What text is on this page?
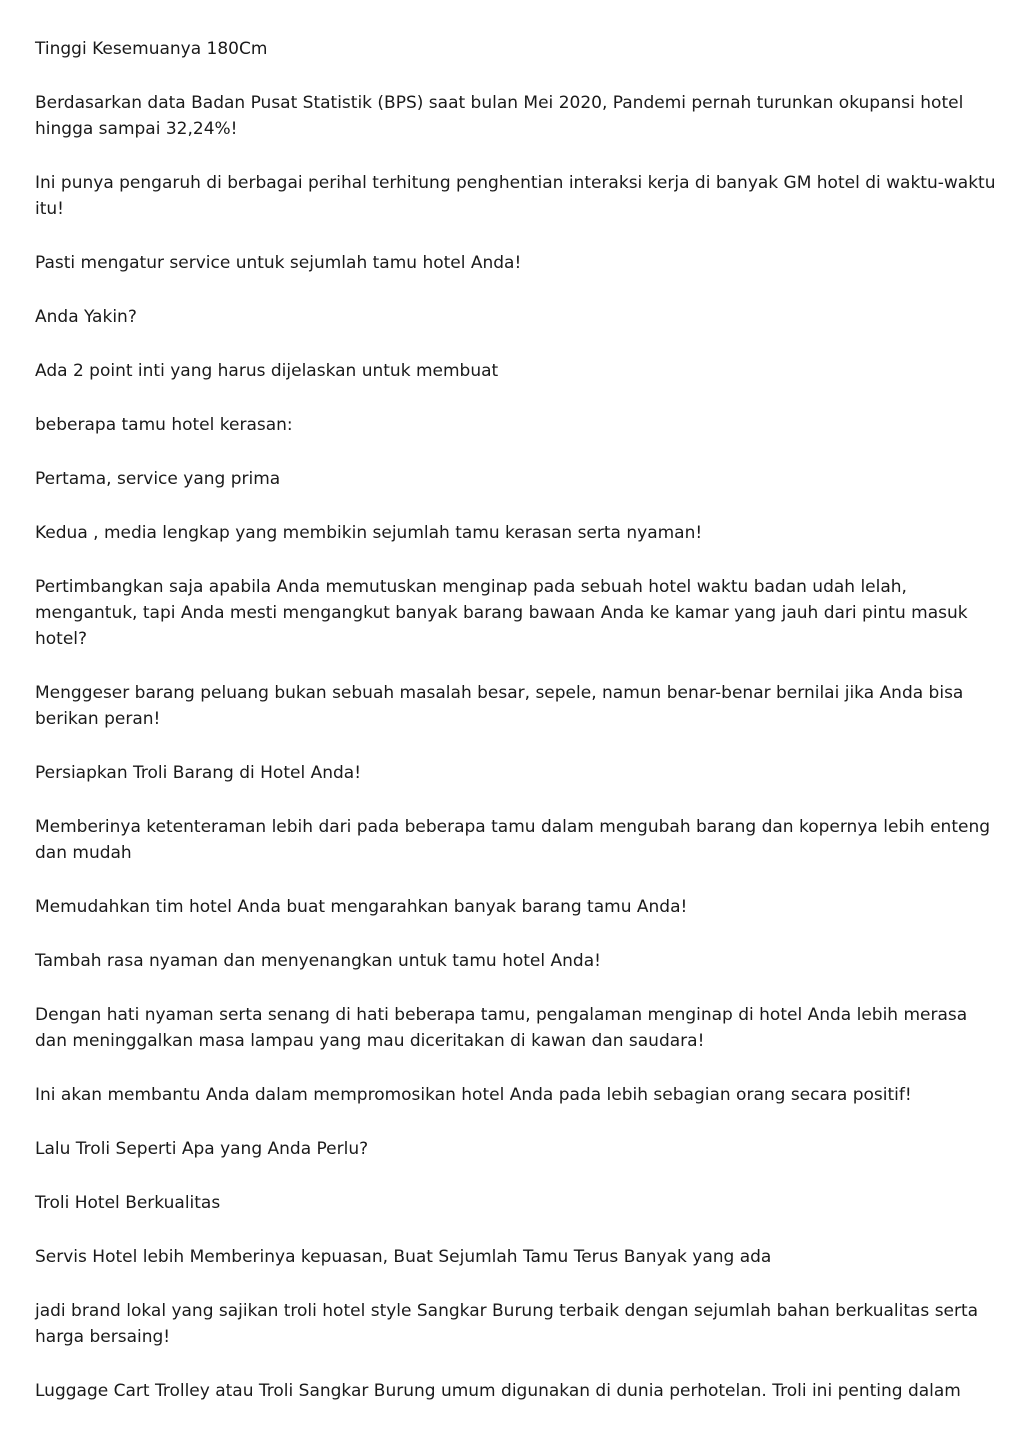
Tinggi Kesemuanya 180Cm

Berdasarkan data Badan Pusat Statistik (BPS) saat bulan Mei 2020, Pandemi pernah turunkan okupansi hotel hingga sampai 32,24%!

Ini punya pengaruh di berbagai perihal terhitung penghentian interaksi kerja di banyak GM hotel di waktu-waktu itu!

Pasti mengatur service untuk sejumlah tamu hotel Anda!

Anda Yakin?

Ada 2 point inti yang harus dijelaskan untuk membuat

beberapa tamu hotel kerasan:

Pertama, service yang prima

Kedua , media lengkap yang membikin sejumlah tamu kerasan serta nyaman!

Pertimbangkan saja apabila Anda memutuskan menginap pada sebuah hotel waktu badan udah lelah, mengantuk, tapi Anda mesti mengangkut banyak barang bawaan Anda ke kamar yang jauh dari pintu masuk hotel?

Menggeser barang peluang bukan sebuah masalah besar, sepele, namun benar-benar bernilai jika Anda bisa berikan peran!

Persiapkan Troli Barang di Hotel Anda!

Memberinya ketenteraman lebih dari pada beberapa tamu dalam mengubah barang dan kopernya lebih enteng dan mudah

Memudahkan tim hotel Anda buat mengarahkan banyak barang tamu Anda!

Tambah rasa nyaman dan menyenangkan untuk tamu hotel Anda!

Dengan hati nyaman serta senang di hati beberapa tamu, pengalaman menginap di hotel Anda lebih merasa dan meninggalkan masa lampau yang mau diceritakan di kawan dan saudara!

Ini akan membantu Anda dalam mempromosikan hotel Anda pada lebih sebagian orang secara positif!

Lalu Troli Seperti Apa yang Anda Perlu?

Troli Hotel Berkualitas

Servis Hotel lebih Memberinya kepuasan, Buat Sejumlah Tamu Terus Banyak yang ada

jadi brand lokal yang sajikan troli hotel style Sangkar Burung terbaik dengan sejumlah bahan berkualitas serta harga bersaing!

Luggage Cart Trolley atau Troli Sangkar Burung umum digunakan di dunia perhotelan. Troli ini penting dalam
